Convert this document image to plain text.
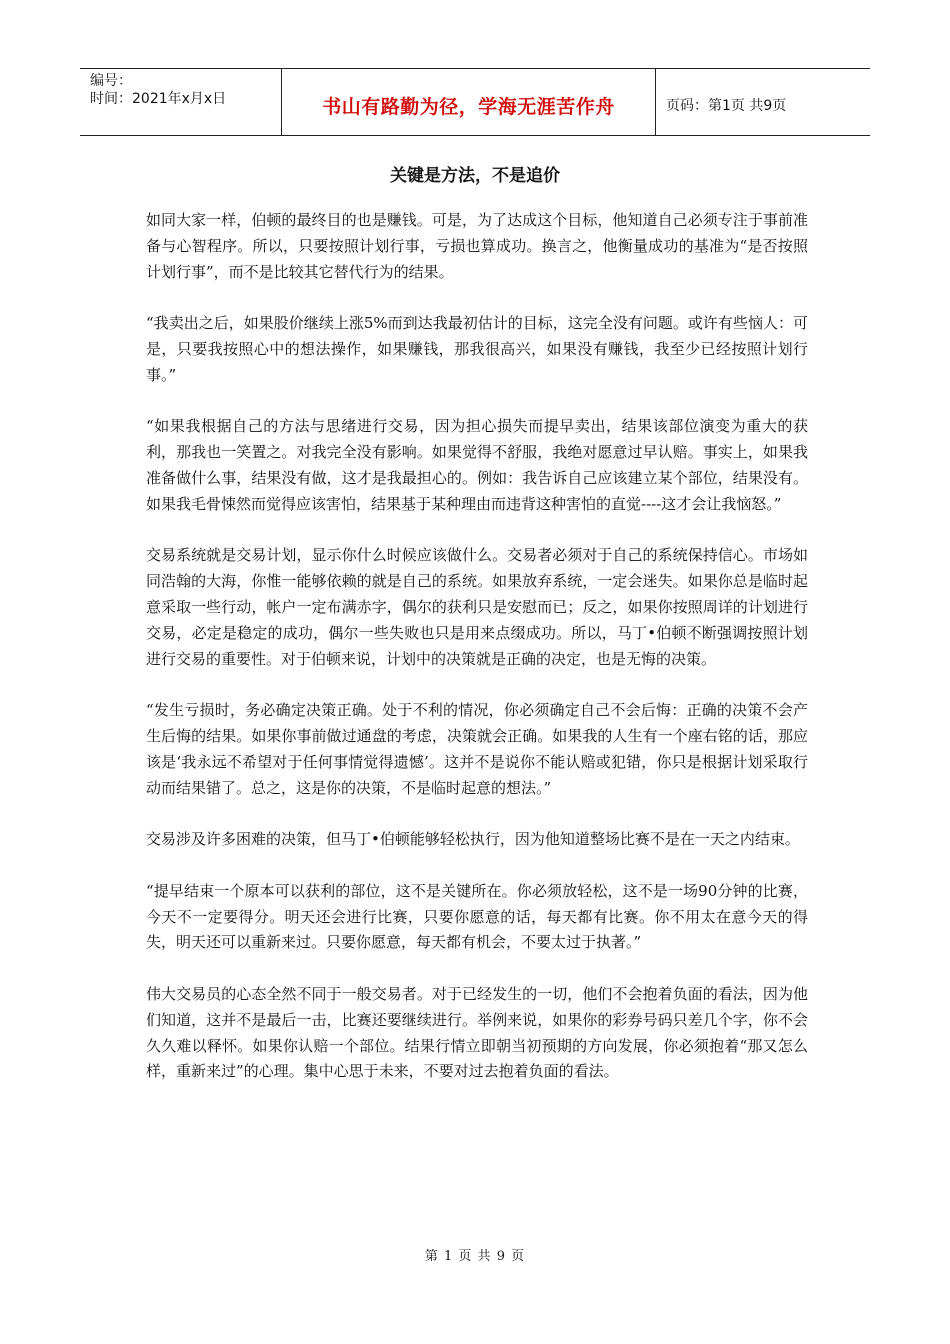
编号：
时间：2021年x月x日	书山有路勤为径，学海无涯苦作舟	页码：第1页 共9页
关键是方法，不是追价

如同大家一样，伯顿的最终目的也是赚钱。可是，为了达成这个目标，他知道自己必须专注于事前准备与心智程序。所以，只要按照计划行事，亏损也算成功。换言之，他衡量成功的基准为“是否按照计划行事”，而不是比较其它替代行为的结果。

“我卖出之后，如果股价继续上涨5%而到达我最初估计的目标，这完全没有问题。或许有些恼人：可是，只要我按照心中的想法操作，如果赚钱，那我很高兴，如果没有赚钱，我至少已经按照计划行事。”

“如果我根据自己的方法与思绪进行交易，因为担心损失而提早卖出，结果该部位演变为重大的获利，那我也一笑置之。对我完全没有影响。如果觉得不舒服，我绝对愿意过早认赔。事实上，如果我准备做什么事，结果没有做，这才是我最担心的。例如：我告诉自己应该建立某个部位，结果没有。如果我毛骨悚然而觉得应该害怕，结果基于某种理由而违背这种害怕的直觉----这才会让我恼怒。”

交易系统就是交易计划，显示你什么时候应该做什么。交易者必须对于自己的系统保持信心。市场如同浩翰的大海，你惟一能够依赖的就是自己的系统。如果放弃系统，一定会迷失。如果你总是临时起意采取一些行动，帐户一定布满赤字，偶尔的获利只是安慰而已；反之，如果你按照周详的计划进行交易，必定是稳定的成功，偶尔一些失败也只是用来点缀成功。所以，马丁•伯顿不断强调按照计划进行交易的重要性。对于伯顿来说，计划中的决策就是正确的决定，也是无悔的决策。

“发生亏损时，务必确定决策正确。处于不利的情况，你必须确定自己不会后悔：正确的决策不会产生后悔的结果。如果你事前做过通盘的考虑，决策就会正确。如果我的人生有一个座右铭的话，那应该是‘我永远不希望对于任何事情觉得遗憾’。这并不是说你不能认赔或犯错，你只是根据计划采取行动而结果错了。总之，这是你的决策，不是临时起意的想法。”

交易涉及许多困难的决策，但马丁•伯顿能够轻松执行，因为他知道整场比赛不是在一天之内结束。

“提早结束一个原本可以获利的部位，这不是关键所在。你必须放轻松，这不是一场90分钟的比赛，今天不一定要得分。明天还会进行比赛，只要你愿意的话，每天都有比赛。你不用太在意今天的得失，明天还可以重新来过。只要你愿意，每天都有机会，不要太过于执著。”

伟大交易员的心态全然不同于一般交易者。对于已经发生的一切，他们不会抱着负面的看法，因为他们知道，这并不是最后一击，比赛还要继续进行。举例来说，如果你的彩券号码只差几个字，你不会久久难以释怀。如果你认赔一个部位。结果行情立即朝当初预期的方向发展，你必须抱着“那又怎么样，重新来过”的心理。集中心思于未来，不要对过去抱着负面的看法。

第 1 页 共 9 页
